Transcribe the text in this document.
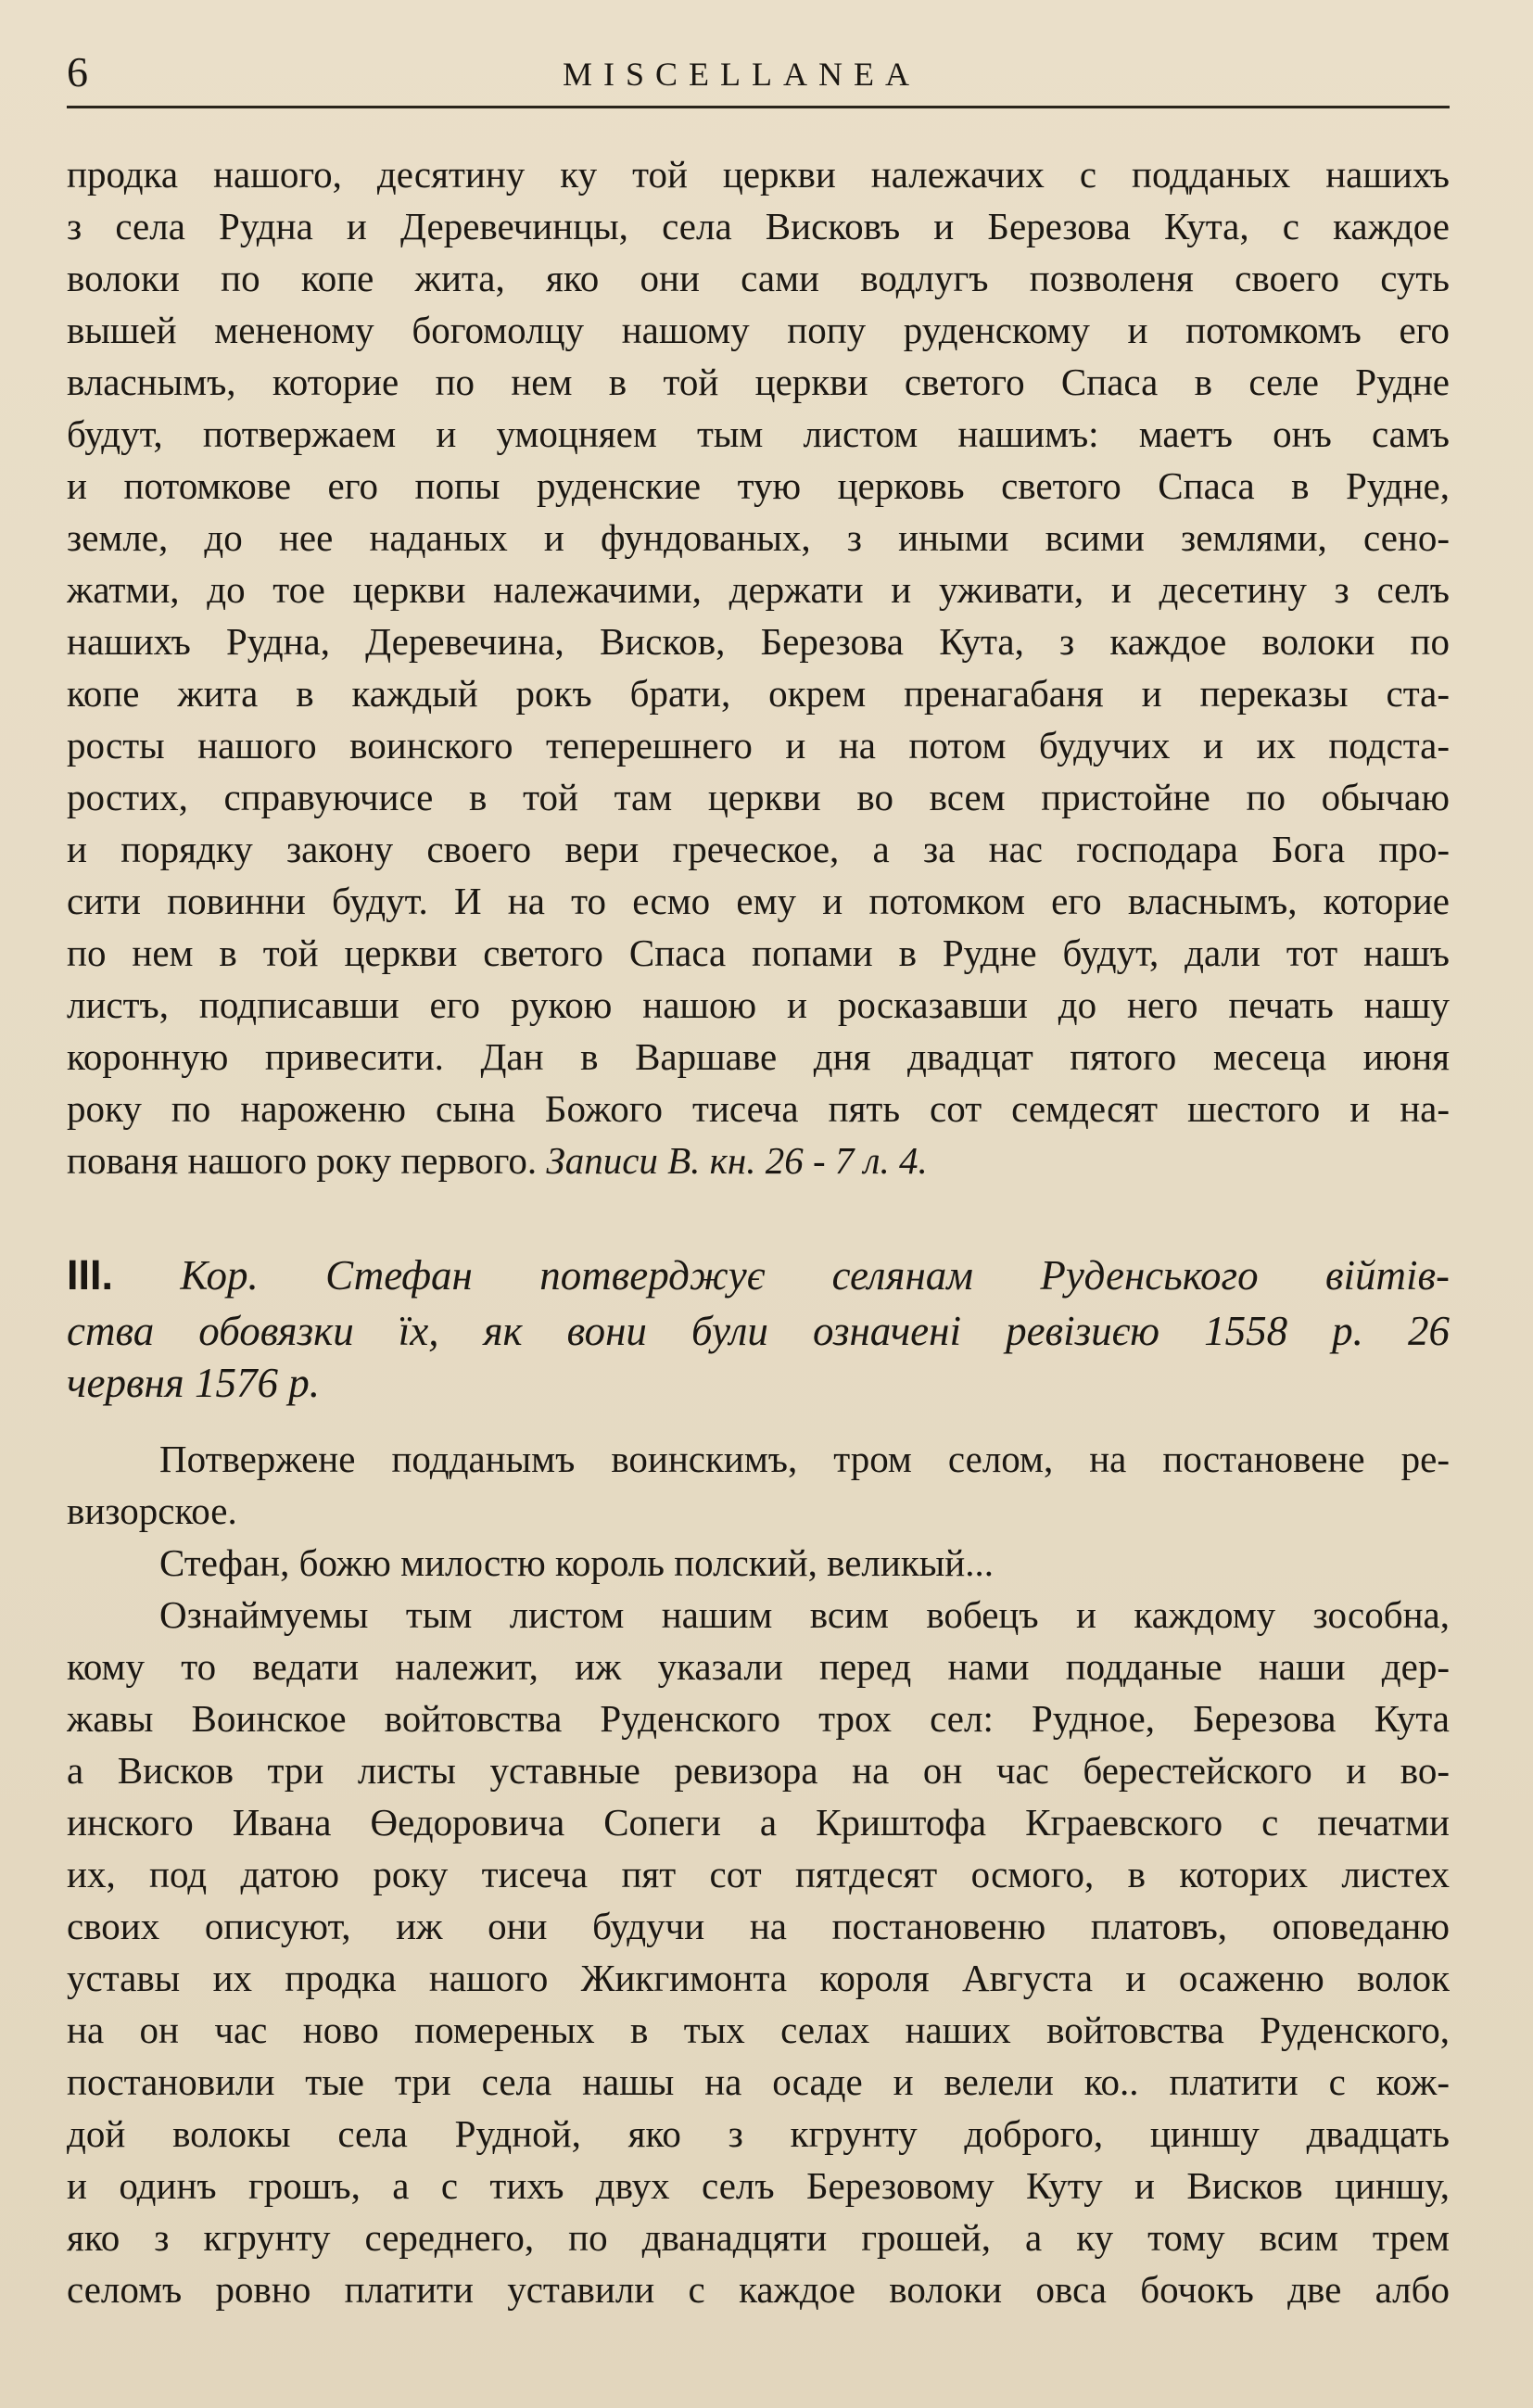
6	MISCELLANEA
продка нашого, десятину ку той церкви належачих с подданых нашихъ
з села Рудна и Деревечинцы, села Висковъ и Березова Кута, с каждое
волоки по копе жита, яко они сами водлугъ позволеня своего суть
вышей мененому богомолцу нашому попу руденскому и потомкомъ его
власнымъ, которие по нем в той церкви светого Спаса в селе Рудне
будут, потвержаем и умоцняем тым листом нашимъ: маетъ онъ самъ
и потомкове его попы руденские тую церковь светого Спаса в Рудне,
земле, до нее наданых и фундованых, з иными всими землями, сено-
жатми, до тое церкви належачими, держати и уживати, и десетину з селъ
нашихъ Рудна, Деревечина, Висков, Березова Кута, з каждое волоки по
копе жита в каждый рокъ брати, окрем пренагабаня и переказы ста-
росты нашого воинского теперешнего и на потом будучих и их подста-
ростих, справуючисе в той там церкви во всем пристойне по обычаю
и порядку закону своего вери греческое, а за нас господара Бога про-
сити повинни будут. И на то есмо ему и потомком его власнымъ, которие
по нем в той церкви светого Спаса попами в Рудне будут, дали тот нашъ
листъ, подписавши его рукою нашою и росказавши до него печать нашу
коронную привесити. Дан в Варшаве дня двадцат пятого месеца июня
року по нароженю сына Божого тисеча пять сот семдесят шестого и на-
пованя нашого року первого. Записи В. кн. 26 - 7 л. 4.
III. Кор. Стефан потверджує селянам Руденського війтів-
ства обовязки їх, як вони були означені ревізиєю 1558 р. 26
червня 1576 р.
Потвержене подданымъ воинскимъ, тром селом, на постановене ре-
визорское.
Стефан, божю милостю король полский, великый...
Ознаймуемы тым листом нашим всим вобецъ и каждому зособна,
кому то ведати належит, иж указали перед нами подданые наши дер-
жавы Воинское войтовства Руденского трох сел: Рудное, Березова Кута
а Висков три листы уставные ревизора на он час берестейского и во-
инского Ивана Өедоровича Сопеги а Криштофа Кграевского с печатми
их, под датою року тисеча пят сот пятдесят осмого, в которих листех
своих описуют, иж они будучи на постановеню платовъ, оповеданю
уставы их продка нашого Жикгимонта короля Августа и осаженю волок
на он час ново помереных в тых селах наших войтовства Руденского,
постановили тые три села нашы на осаде и велели ко.. платити с кож-
дой волокы села Рудной, яко з кгрунту доброго, циншу двадцать
и одинъ грошъ, а с тихъ двух селъ Березовому Куту и Висков циншу,
яко з кгрунту середнего, по дванадцяти грошей, а ку тому всим трем
селомъ ровно платити уставили с каждое волоки овса бочокъ две албо
